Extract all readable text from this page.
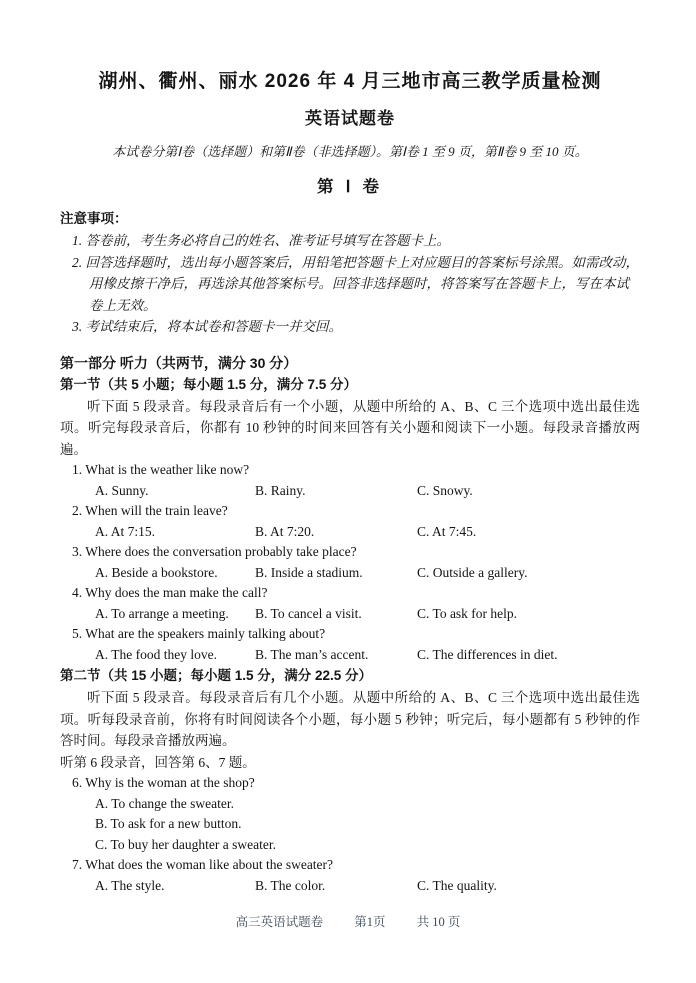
湖州、衢州、丽水 2026 年 4 月三地市高三教学质量检测
英语试题卷
本试卷分第Ⅰ卷（选择题）和第Ⅱ卷（非选择题）。第Ⅰ卷 1 至 9 页，第Ⅱ卷 9 至 10 页。
第 Ⅰ 卷
注意事项：
1. 答卷前，考生务必将自己的姓名、准考证号填写在答题卡上。
2. 回答选择题时，选出每小题答案后，用铅笔把答题卡上对应题目的答案标号涂黑。如需改动，用橡皮擦干净后，再选涂其他答案标号。回答非选择题时，将答案写在答题卡上，写在本试卷上无效。
3. 考试结束后，将本试卷和答题卡一并交回。
第一部分 听力（共两节，满分 30 分）
第一节（共 5 小题；每小题 1.5 分，满分 7.5 分）
听下面 5 段录音。每段录音后有一个小题，从题中所给的 A、B、C 三个选项中选出最佳选项。听完每段录音后，你都有 10 秒钟的时间来回答有关小题和阅读下一小题。每段录音播放两遍。
1. What is the weather like now?
A. Sunny.	B. Rainy.	C. Snowy.
2. When will the train leave?
A. At 7:15.	B. At 7:20.	C. At 7:45.
3. Where does the conversation probably take place?
A. Beside a bookstore.	B. Inside a stadium.	C. Outside a gallery.
4. Why does the man make the call?
A. To arrange a meeting.	B. To cancel a visit.	C. To ask for help.
5. What are the speakers mainly talking about?
A. The food they love.	B. The man’s accent.	C. The differences in diet.
第二节（共 15 小题；每小题 1.5 分，满分 22.5 分）
听下面 5 段录音。每段录音后有几个小题。从题中所给的 A、B、C 三个选项中选出最佳选项。听每段录音前，你将有时间阅读各个小题，每小题 5 秒钟；听完后，每小题都有 5 秒钟的作答时间。每段录音播放两遍。
听第 6 段录音，回答第 6、7 题。
6. Why is the woman at the shop?
A. To change the sweater.
B. To ask for a new button.
C. To buy her daughter a sweater.
7. What does the woman like about the sweater?
A. The style.	B. The color.	C. The quality.
高三英语试题卷 第1页 共 10 页
